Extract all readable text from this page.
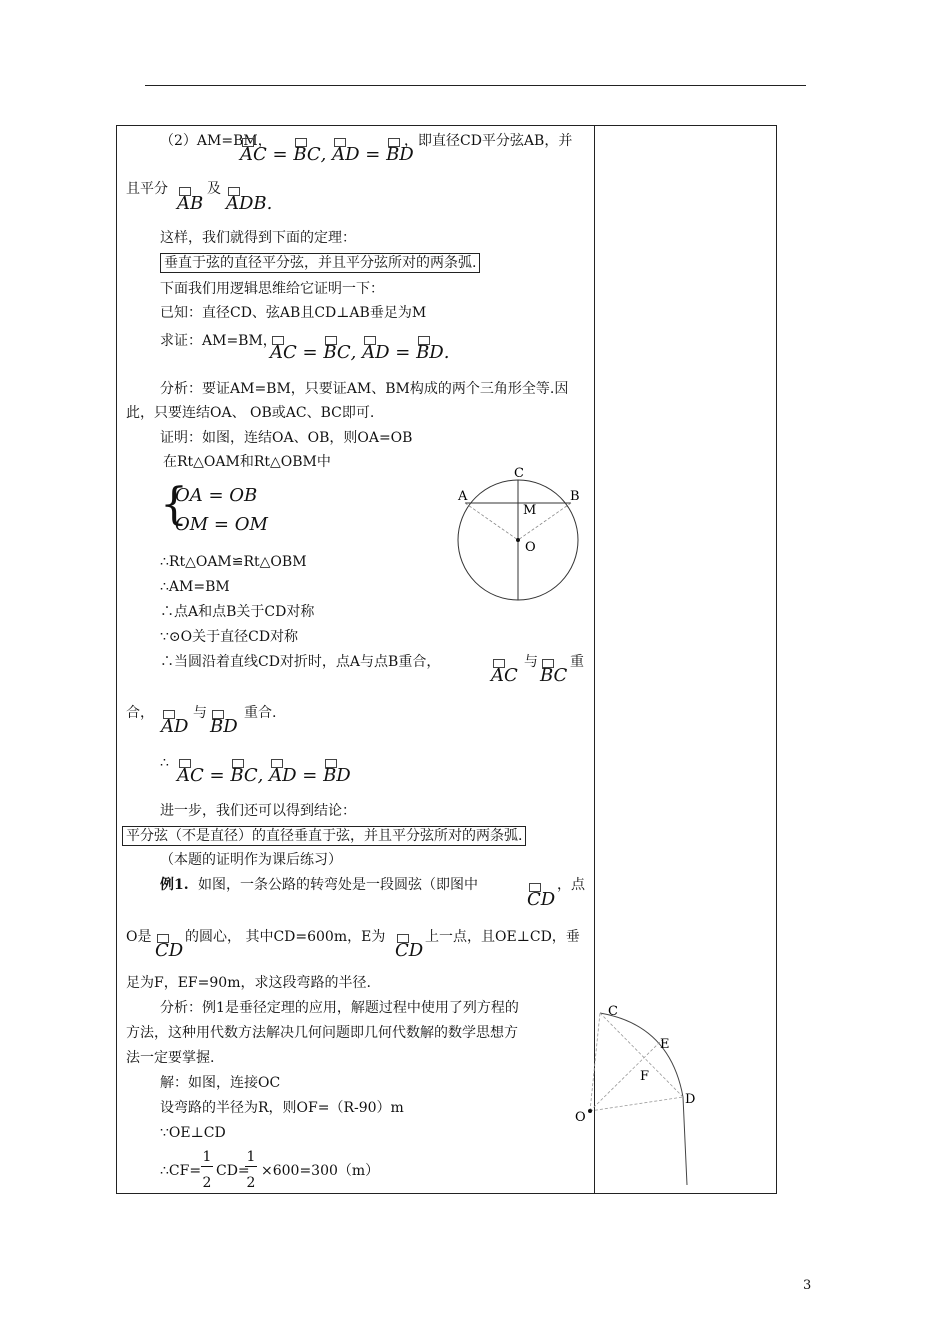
（2）AM=BM，
AC = BC, AD = BD
，即直径CD平分弦AB，并
且平分
AB
及
ADB.
这样，我们就得到下面的定理：
垂直于弦的直径平分弦，并且平分弦所对的两条弧.
下面我们用逻辑思维给它证明一下：
已知：直径CD、弦AB且CD⊥AB垂足为M
求证：AM=BM，
AC = BC, AD = BD.
分析：要证AM=BM，只要证AM、BM构成的两个三角形全等.因
此，只要连结OA、 OB或AC、BC即可.
证明：如图，连结OA、OB，则OA=OB
在Rt△OAM和Rt△OBM中
{
OA = OB
OM = OM
∴Rt△OAM≌Rt△OBM
∴AM=BM
∴点A和点B关于CD对称
∵⊙O关于直径CD对称
∴当圆沿着直线CD对折时，点A与点B重合，
AC
与
BC
重
合，
AD
与
BD
重合.
∴
AC = BC, AD = BD
进一步，我们还可以得到结论：
平分弦（不是直径）的直径垂直于弦，并且平分弦所对的两条弧.
（本题的证明作为课后练习）
例1. 如图，一条公路的转弯处是一段圆弦（即图中
CD
，点
O是
CD
的圆心， 其中CD=600m，E为
CD
上一点，且OE⊥CD，垂
足为F，EF=90m，求这段弯路的半径.
分析：例1是垂径定理的应用，解题过程中使用了列方程的
方法，这种用代数方法解决几何问题即几何代数解的数学思想方
法一定要掌握.
解：如图，连接OC
设弯路的半径为R，则OF=（R-90）m
∵OE⊥CD
∴CF=
1
2
CD=
1
2
×600=300（m）
C
A	B
M
O
C
E
F
D
O
3
